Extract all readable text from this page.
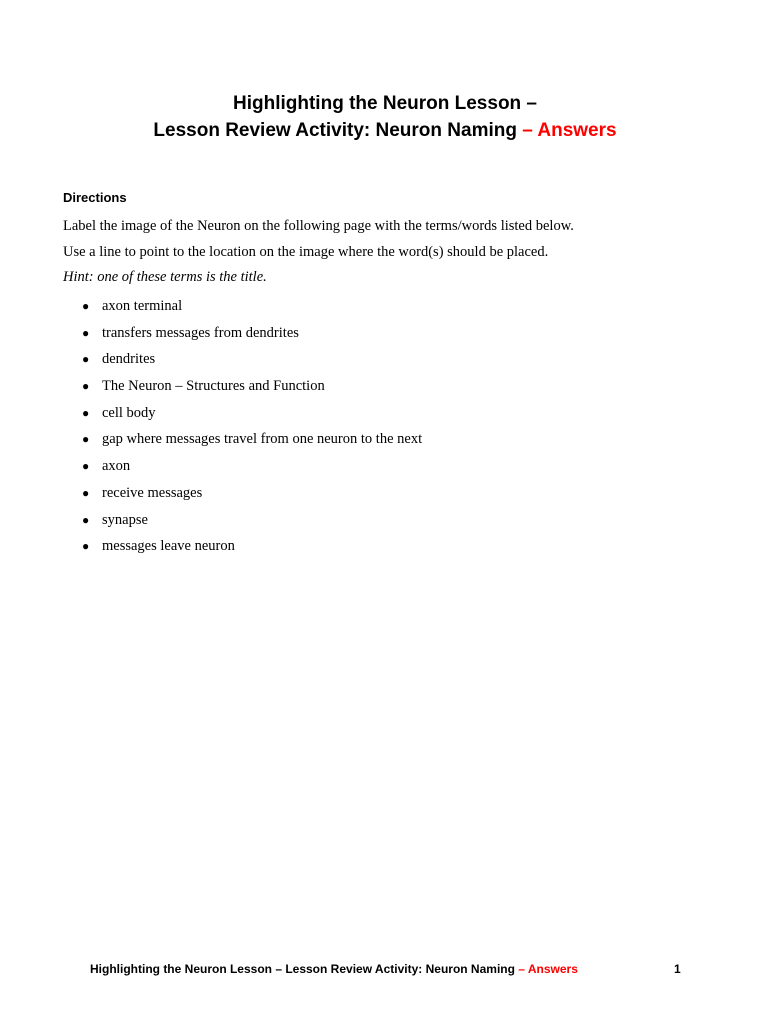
Highlighting the Neuron Lesson –
Lesson Review Activity: Neuron Naming – Answers
Directions
Label the image of the Neuron on the following page with the terms/words listed below.
Use a line to point to the location on the image where the word(s) should be placed.
Hint: one of these terms is the title.
● axon terminal
● transfers messages from dendrites
● dendrites
● The Neuron – Structures and Function
● cell body
● gap where messages travel from one neuron to the next
● axon
● receive messages
● synapse
● messages leave neuron
Highlighting the Neuron Lesson – Lesson Review Activity: Neuron Naming – Answers	1
